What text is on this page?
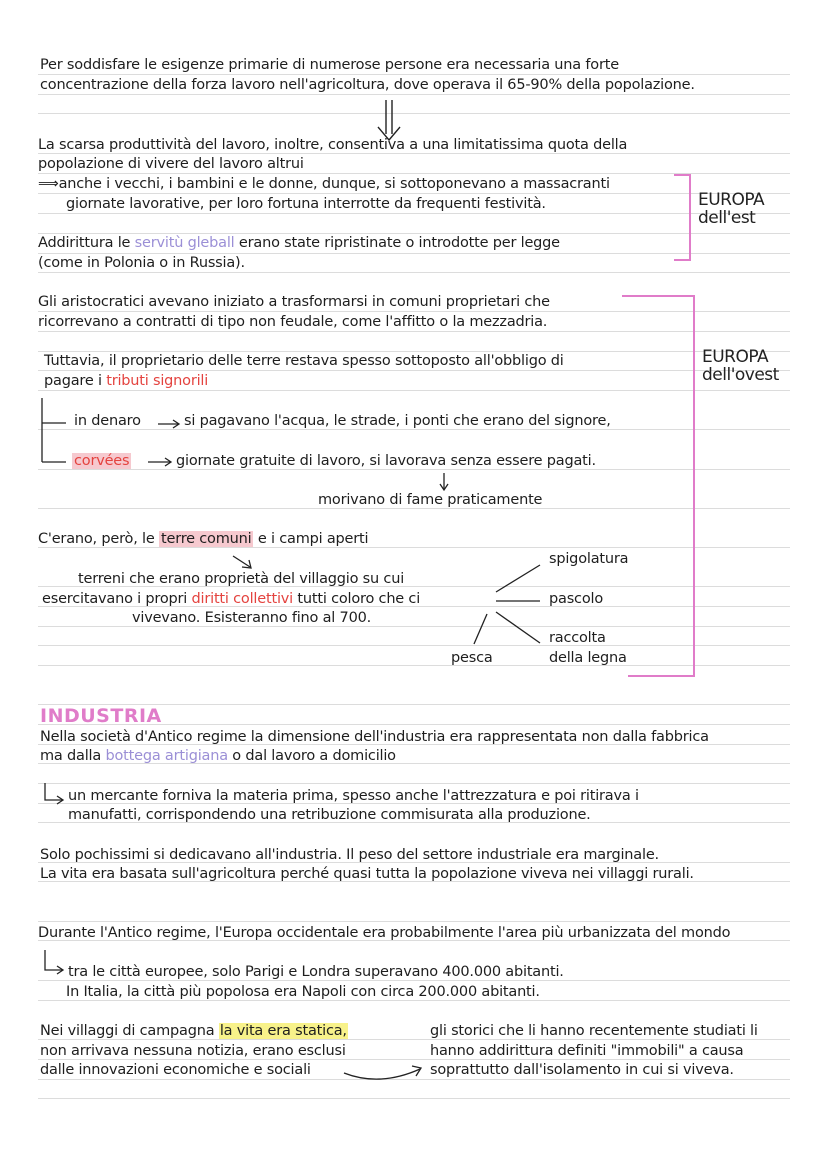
Per soddisfare le esigenze primarie di numerose persone era necessaria una forte
concentrazione della forza lavoro nell'agricoltura, dove operava il 65-90% della popolazione.
La scarsa produttività del lavoro, inoltre, consentiva a una limitatissima quota della
popolazione di vivere del lavoro altrui
⟹anche i vecchi, i bambini e le donne, dunque, si sottoponevano a massacranti
giornate lavorative, per loro fortuna interrotte da frequenti festività.
Addirittura le servitù gleball erano state ripristinate o introdotte per legge
(come in Polonia o in Russia).
EUROPA
dell'est
Gli aristocratici avevano iniziato a trasformarsi in comuni proprietari che
ricorrevano a contratti di tipo non feudale, come l'affitto o la mezzadria.
Tuttavia, il proprietario delle terre restava spesso sottoposto all'obbligo di
pagare i tributi signorili
EUROPA
dell'ovest
in denaro	si pagavano l'acqua, le strade, i ponti che erano del signore,
corvées	giornate gratuite di lavoro, si lavorava senza essere pagati.
morivano di fame praticamente
C'erano, però, le terre comuni e i campi aperti
terreni che erano proprietà del villaggio su cui
esercitavano i propri diritti collettivi tutti coloro che ci
vivevano. Esisteranno fino al 700.
spigolatura
pascolo
raccolta
della legna
pesca
INDUSTRIA
Nella società d'Antico regime la dimensione dell'industria era rappresentata non dalla fabbrica
ma dalla bottega artigiana o dal lavoro a domicilio
un mercante forniva la materia prima, spesso anche l'attrezzatura e poi ritirava i
manufatti, corrispondendo una retribuzione commisurata alla produzione.
Solo pochissimi si dedicavano all'industria. Il peso del settore industriale era marginale.
La vita era basata sull'agricoltura perché quasi tutta la popolazione viveva nei villaggi rurali.
Durante l'Antico regime, l'Europa occidentale era probabilmente l'area più urbanizzata del mondo
tra le città europee, solo Parigi e Londra superavano 400.000 abitanti.
In Italia, la città più popolosa era Napoli con circa 200.000 abitanti.
Nei villaggi di campagna la vita era statica,
non arrivava nessuna notizia, erano esclusi
dalle innovazioni economiche e sociali
gli storici che li hanno recentemente studiati li
hanno addirittura definiti "immobili" a causa
soprattutto dall'isolamento in cui si viveva.
